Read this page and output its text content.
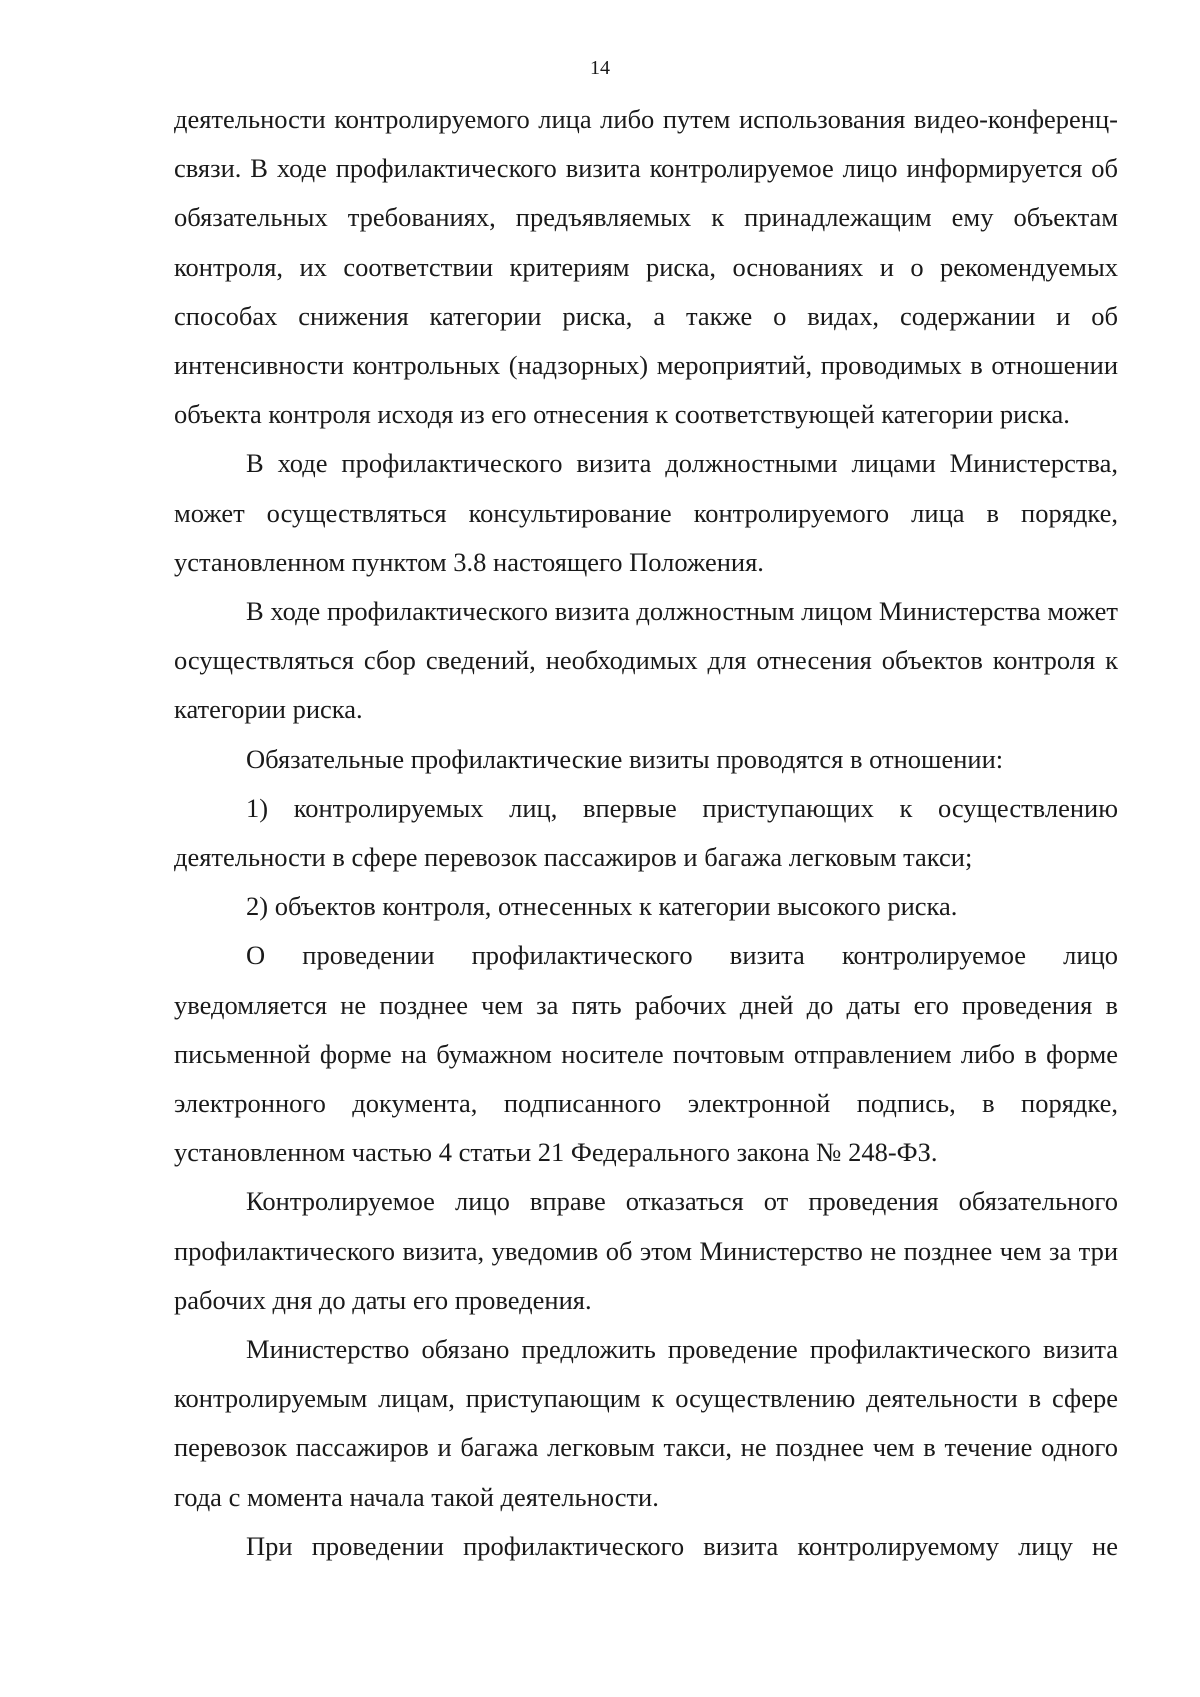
14

деятельности контролируемого лица либо путем использования видео-конференц-связи. В ходе профилактического визита контролируемое лицо информируется об обязательных требованиях, предъявляемых к принадлежащим ему объектам контроля, их соответствии критериям риска, основаниях и о рекомендуемых способах снижения категории риска, а также о видах, содержании и об интенсивности контрольных (надзорных) мероприятий, проводимых в отношении объекта контроля исходя из его отнесения к соответствующей категории риска.

В ходе профилактического визита должностными лицами Министерства, может осуществляться консультирование контролируемого лица в порядке, установленном пунктом 3.8 настоящего Положения.

В ходе профилактического визита должностным лицом Министерства может осуществляться сбор сведений, необходимых для отнесения объектов контроля к категории риска.

Обязательные профилактические визиты проводятся в отношении:

1) контролируемых лиц, впервые приступающих к осуществлению деятельности в сфере перевозок пассажиров и багажа легковым такси;

2) объектов контроля, отнесенных к категории высокого риска.

О проведении профилактического визита контролируемое лицо уведомляется не позднее чем за пять рабочих дней до даты его проведения в письменной форме на бумажном носителе почтовым отправлением либо в форме электронного документа, подписанного электронной подпись, в порядке, установленном частью 4 статьи 21 Федерального закона № 248-ФЗ.

Контролируемое лицо вправе отказаться от проведения обязательного профилактического визита, уведомив об этом Министерство не позднее чем за три рабочих дня до даты его проведения.

Министерство обязано предложить проведение профилактического визита контролируемым лицам, приступающим к осуществлению деятельности в сфере перевозок пассажиров и багажа легковым такси, не позднее чем в течение одного года с момента начала такой деятельности.

При проведении профилактического визита контролируемому лицу не
